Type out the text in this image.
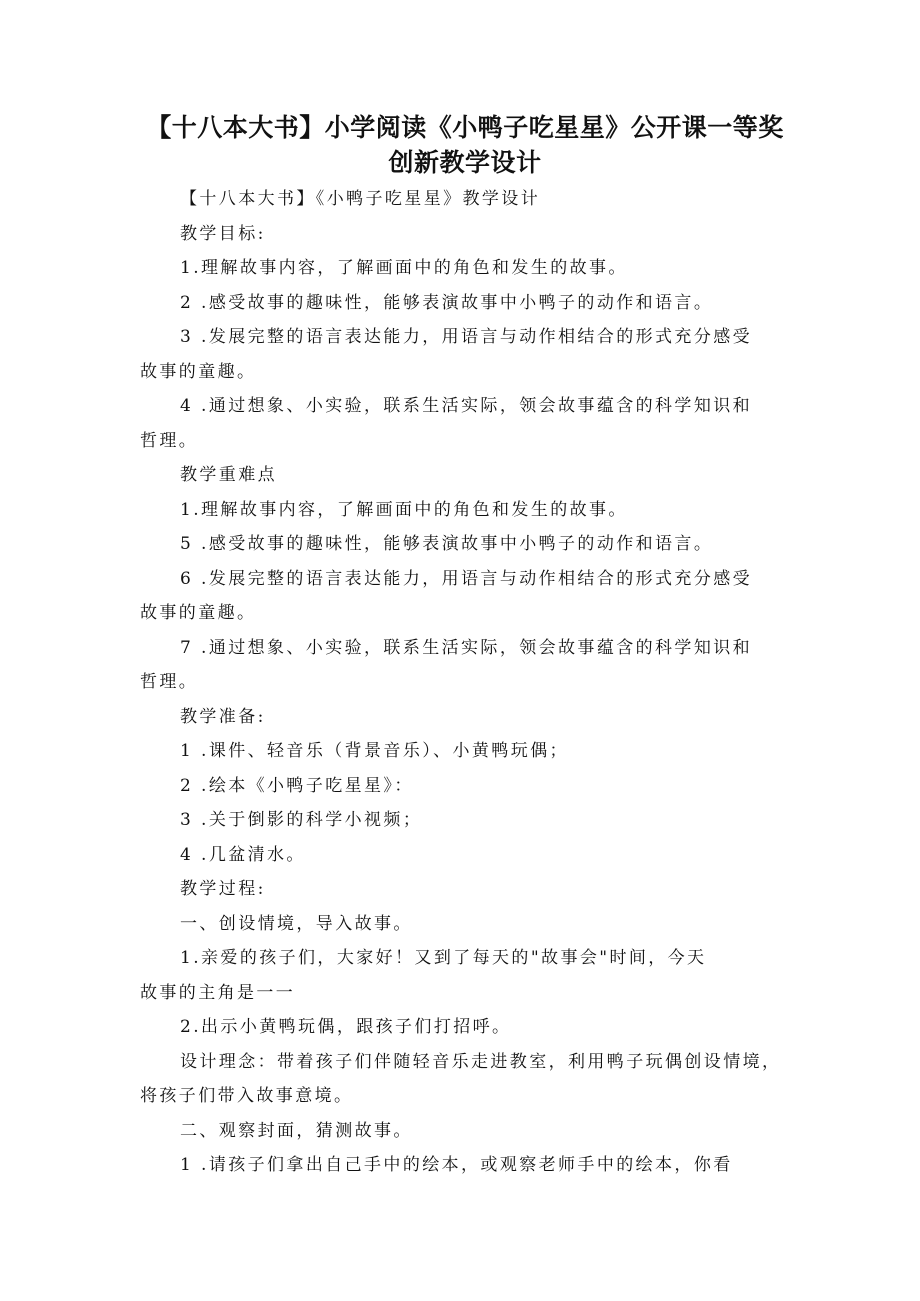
【十八本大书】小学阅读《小鸭子吃星星》公开课一等奖
创新教学设计

【十八本大书】《小鸭子吃星星》教学设计

教学目标:

1.理解故事内容，了解画面中的角色和发生的故事。

2 .感受故事的趣味性，能够表演故事中小鸭子的动作和语言。

3 .发展完整的语言表达能力，用语言与动作相结合的形式充分感受

故事的童趣。

4 .通过想象、小实验，联系生活实际，领会故事蕴含的科学知识和

哲理。

教学重难点

1.理解故事内容，了解画面中的角色和发生的故事。

5 .感受故事的趣味性，能够表演故事中小鸭子的动作和语言。

6 .发展完整的语言表达能力，用语言与动作相结合的形式充分感受

故事的童趣。

7 .通过想象、小实验，联系生活实际，领会故事蕴含的科学知识和

哲理。

教学准备:

1 .课件、轻音乐（背景音乐）、小黄鸭玩偶；

2 .绘本《小鸭子吃星星》：

3 .关于倒影的科学小视频；

4 .几盆清水。

教学过程:

一、创设情境，导入故事。

1.亲爱的孩子们，大家好！又到了每天的"故事会"时间，今天

故事的主角是一一

2.出示小黄鸭玩偶，跟孩子们打招呼。

设计理念：带着孩子们伴随轻音乐走进教室，利用鸭子玩偶创设情境，

将孩子们带入故事意境。

二、观察封面，猜测故事。

1 .请孩子们拿出自己手中的绘本，或观察老师手中的绘本，你看
